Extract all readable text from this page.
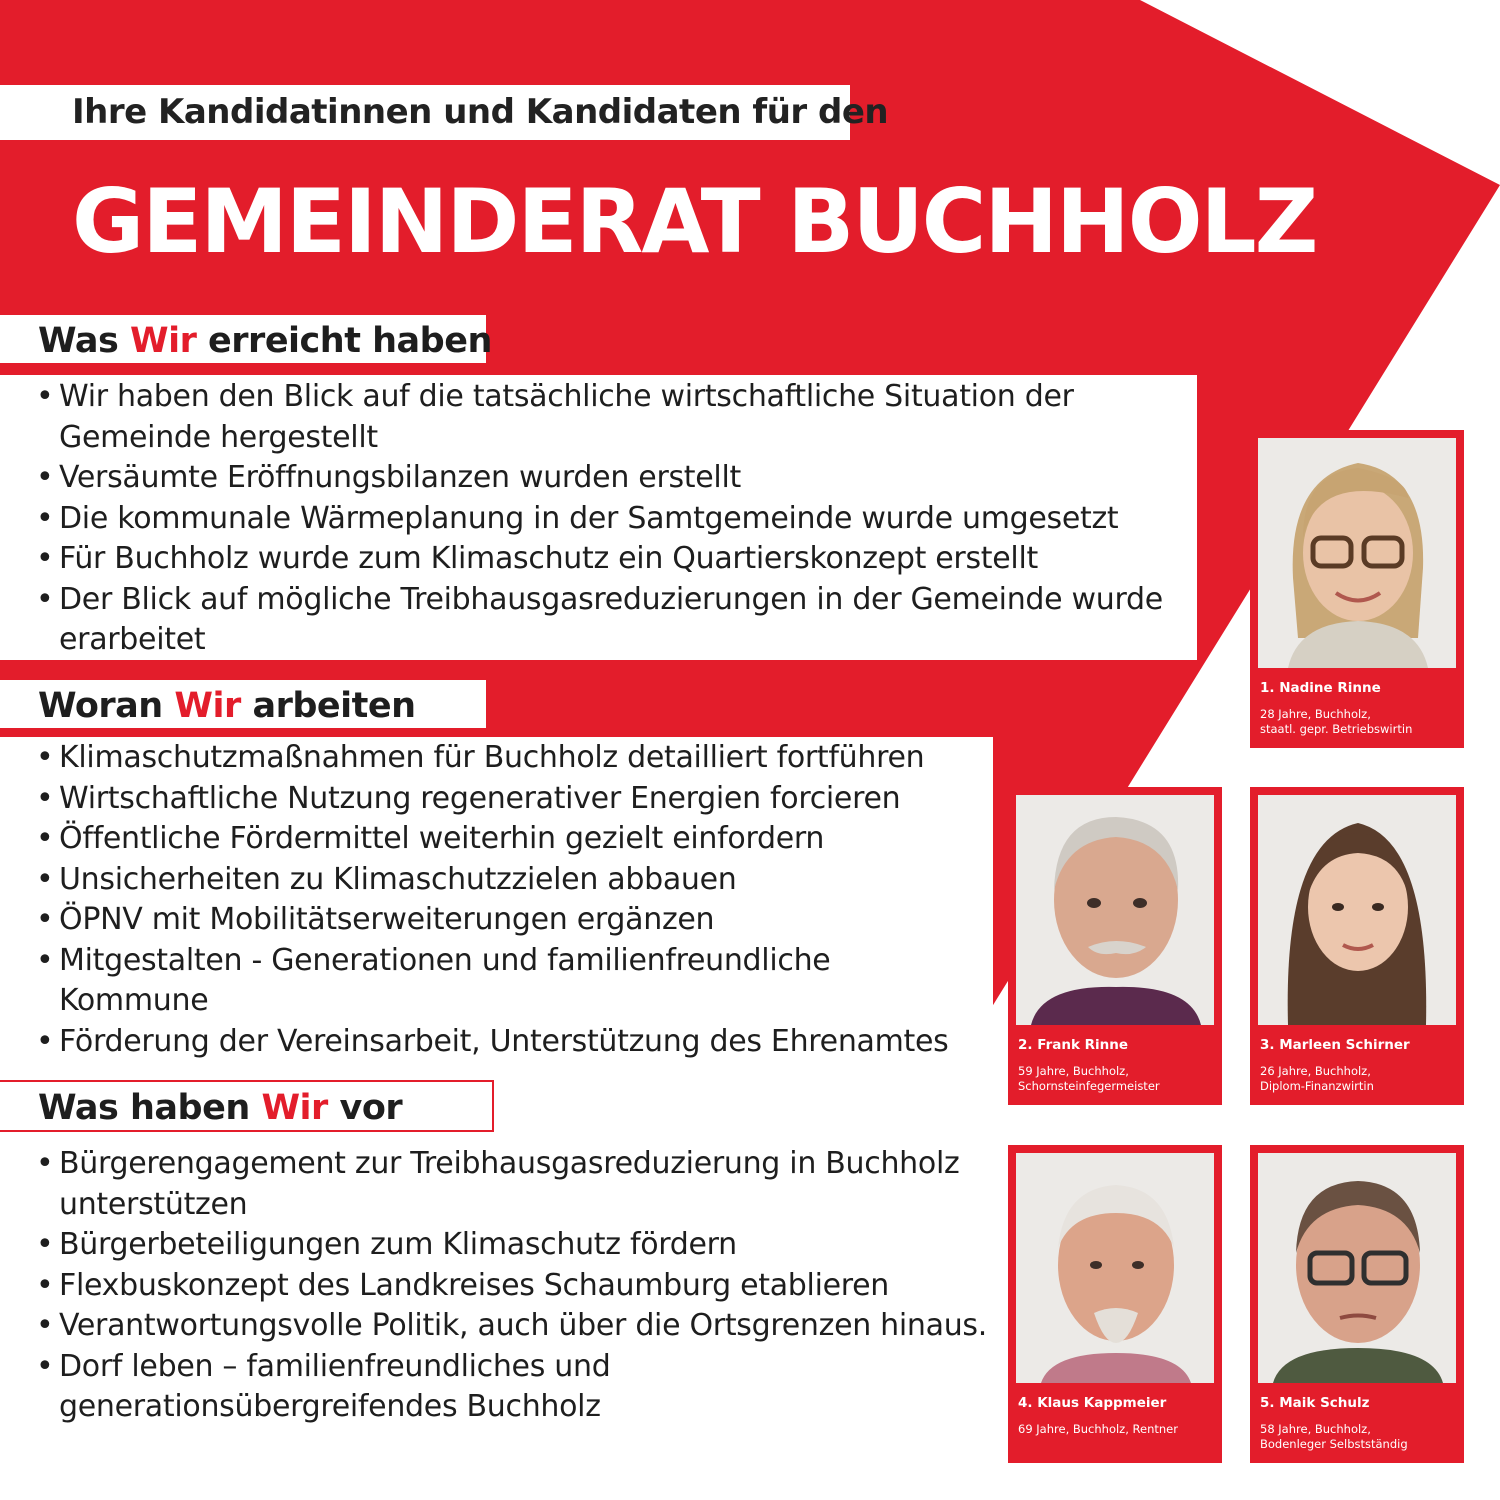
Ihre Kandidatinnen und Kandidaten für den
GEMEINDERAT BUCHHOLZ
Was Wir erreicht haben
• Wir haben den Blick auf die tatsächliche wirtschaftliche Situation der Gemeinde hergestellt
• Versäumte Eröffnungsbilanzen wurden erstellt
• Die kommunale Wärmeplanung in der Samtgemeinde wurde umgesetzt
• Für Buchholz wurde zum Klimaschutz ein Quartierskonzept erstellt
• Der Blick auf mögliche Treibhausgasreduzierungen in der Gemeinde wurde erarbeitet
Woran Wir arbeiten
• Klimaschutzmaßnahmen für Buchholz detailliert fortführen
• Wirtschaftliche Nutzung regenerativer Energien forcieren
• Öffentliche Fördermittel weiterhin gezielt einfordern
• Unsicherheiten zu Klimaschutzzielen abbauen
• ÖPNV mit Mobilitätserweiterungen ergänzen
• Mitgestalten - Generationen und familienfreundliche Kommune
• Förderung der Vereinsarbeit, Unterstützung des Ehrenamtes
Was haben Wir vor
• Bürgerengagement zur Treibhausgasreduzierung in Buchholz unterstützen
• Bürgerbeteiligungen zum Klimaschutz fördern
• Flexbuskonzept des Landkreises Schaumburg etablieren
• Verantwortungsvolle Politik, auch über die Ortsgrenzen hinaus.
• Dorf leben – familienfreundliches und generationsübergreifendes Buchholz
1. Nadine Rinne
28 Jahre, Buchholz,
staatl. gepr. Betriebswirtin
2. Frank Rinne
59 Jahre, Buchholz,
Schornsteinfegermeister
3. Marleen Schirner
26 Jahre, Buchholz,
Diplom-Finanzwirtin
4. Klaus Kappmeier
69 Jahre, Buchholz, Rentner
5. Maik Schulz
58 Jahre, Buchholz,
Bodenleger Selbstständig
